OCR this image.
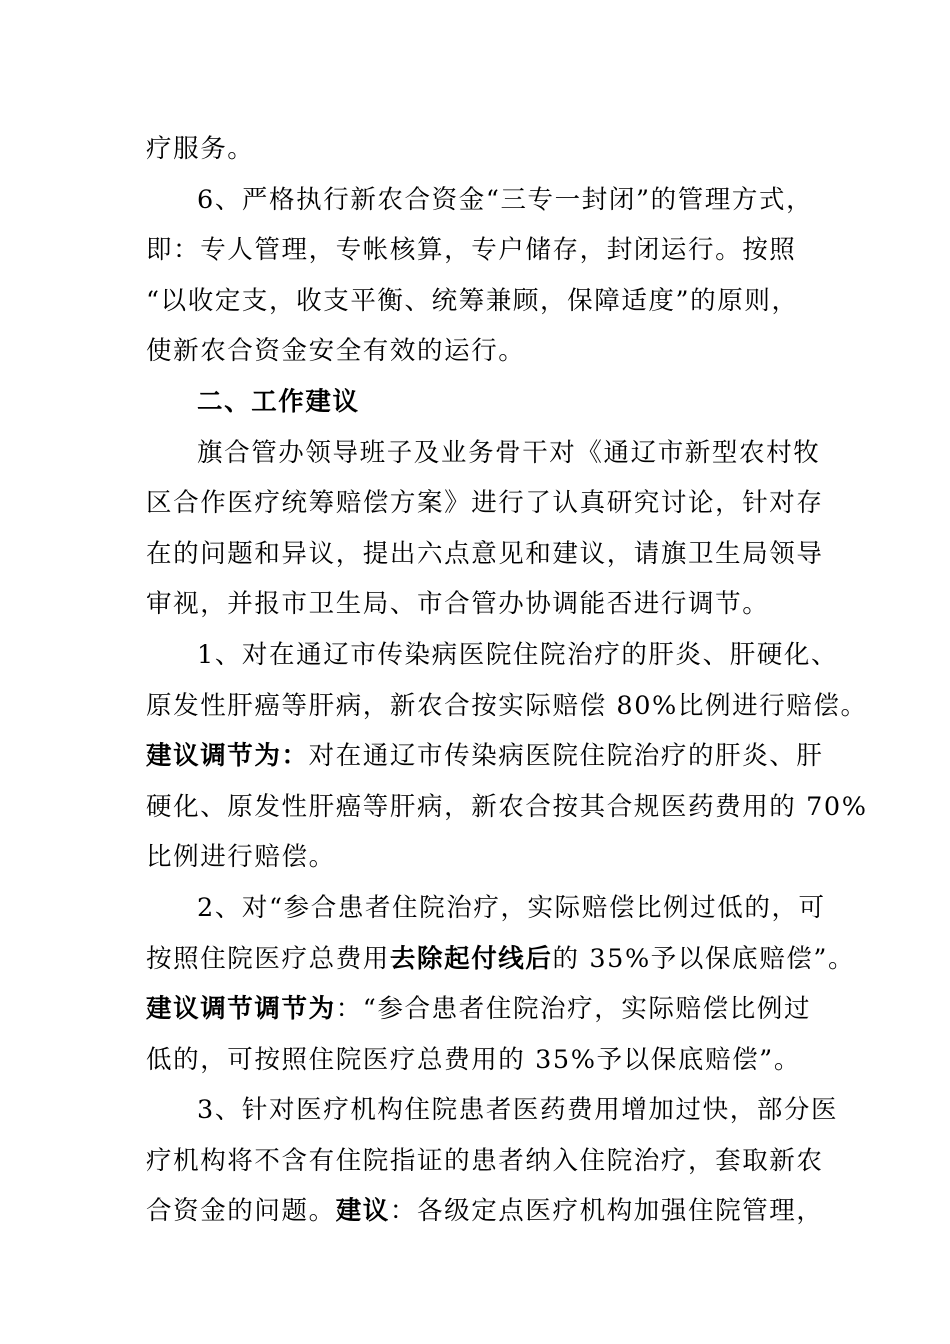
疗服务。
6、严格执行新农合资金“三专一封闭”的管理方式，
即：专人管理，专帐核算，专户储存，封闭运行。按照
“以收定支，收支平衡、统筹兼顾，保障适度”的原则，
使新农合资金安全有效的运行。
二、工作建议
旗合管办领导班子及业务骨干对《通辽市新型农村牧
区合作医疗统筹赔偿方案》进行了认真研究讨论，针对存
在的问题和异议，提出六点意见和建议，请旗卫生局领导
审视，并报市卫生局、市合管办协调能否进行调节。
1、对在通辽市传染病医院住院治疗的肝炎、肝硬化、
原发性肝癌等肝病，新农合按实际赔偿 80%比例进行赔偿。
建议调节为：对在通辽市传染病医院住院治疗的肝炎、肝
硬化、原发性肝癌等肝病，新农合按其合规医药费用的 70%
比例进行赔偿。
2、对“参合患者住院治疗，实际赔偿比例过低的，可
按照住院医疗总费用去除起付线后的 35%予以保底赔偿”。
建议调节调节为：“参合患者住院治疗，实际赔偿比例过
低的，可按照住院医疗总费用的 35%予以保底赔偿”。
3、针对医疗机构住院患者医药费用增加过快，部分医
疗机构将不含有住院指证的患者纳入住院治疗，套取新农
合资金的问题。建议：各级定点医疗机构加强住院管理，
